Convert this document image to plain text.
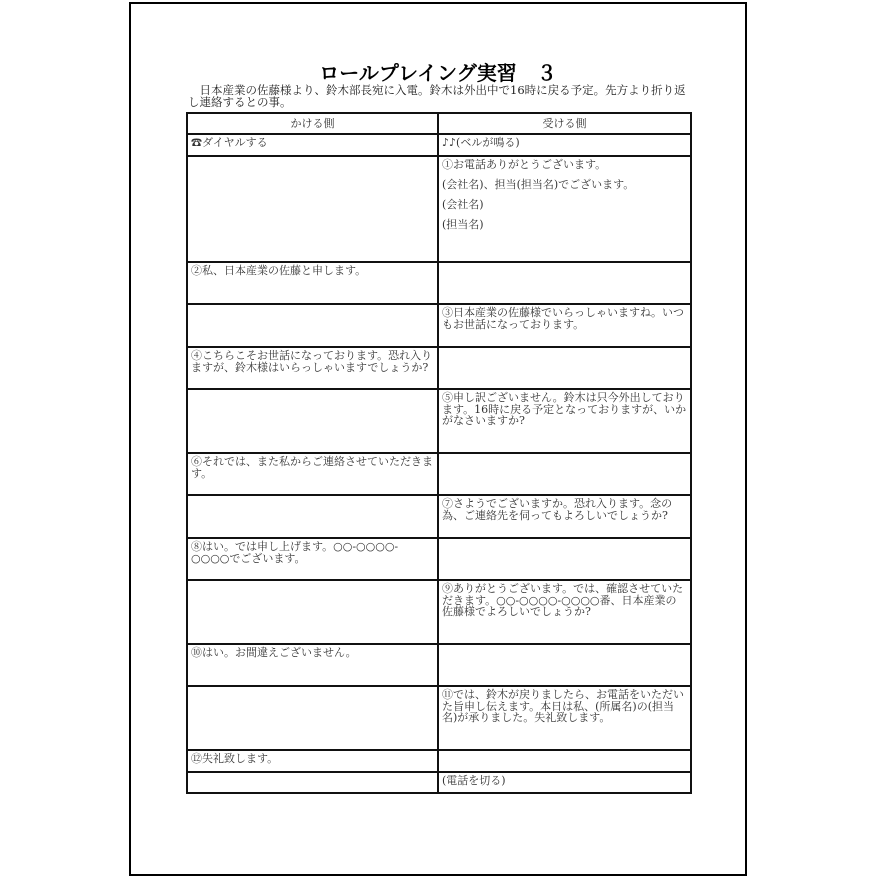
ロールプレイング実習　３
日本産業の佐藤様より、鈴木部長宛に入電。鈴木は外出中で16時に戻る予定。先方より折り返し連絡するとの事。
かける側	受ける側
☎ダイヤルする	♪♪(ベルが鳴る)

	①お電話ありがとうございます。
(会社名)、担当(担当名)でございます。
(会社名)
(担当名)

②私、日本産業の佐藤と申します。	
	③日本産業の佐藤様でいらっしゃいますね。いつもお世話になっております。
④こちらこそお世話になっております。恐れ入りますが、鈴木様はいらっしゃいますでしょうか?	
	⑤申し訳ございません。鈴木は只今外出しております。16時に戻る予定となっておりますが、いかがなさいますか?
⑥それでは、また私からご連絡させていただきます。	
	⑦さようでございますか。恐れ入ります。念の為、ご連絡先を伺ってもよろしいでしょうか?
⑧はい。では申し上げます。○○-○○○○-○○○○でございます。	
	⑨ありがとうございます。では、確認させていただきます。○○-○○○○-○○○○番、日本産業の佐藤様でよろしいでしょうか?
⑩はい。お間違えございません。	
	⑪では、鈴木が戻りましたら、お電話をいただいた旨申し伝えます。本日は私、(所属名)の(担当名)が承りました。失礼致します。
⑫失礼致します。	
	(電話を切る)
